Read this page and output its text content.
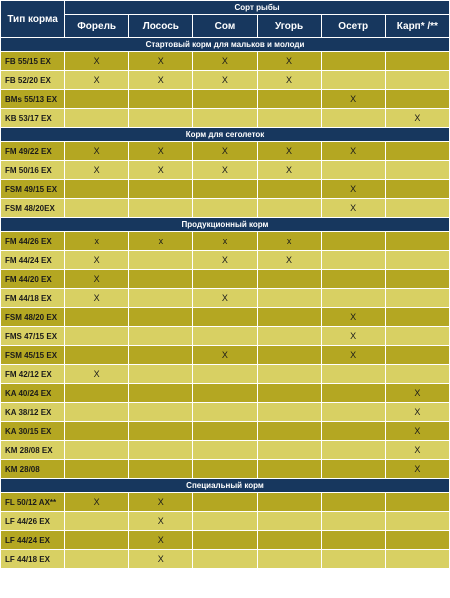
Тип корма	Сорт рыбы					
	Форель	Лосось	Сом	Угорь	Осетр	Карп* /**
Стартовый корм для мальков и молоди						
FB 55/15 EX	X	X	X	X		
FB 52/20 EX	X	X	X	X		
BMs 55/13 EX					X	
KB 53/17 EX						X
Корм для сеголеток						
FM 49/22 EX	X	X	X	X	X	
FM 50/16 EX	X	X	X	X		
FSM 49/15 EX					X	
FSM 48/20EX					X	
Продукционный корм						
FM 44/26 EX	x	x	x	x		
FM 44/24 EX	X		X	X		
FM 44/20 EX	X					
FM 44/18 EX	X		X			
FSM 48/20 EX					X	
FMS 47/15 EX					X	
FSM 45/15 EX			X		X	
FM 42/12 EX	X					
KA 40/24 EX						X
KA 38/12 EX						X
KA 30/15 EX						X
KM 28/08 EX						X
KM 28/08						X
Специальный корм						
FL 50/12 AX**	X	X				
LF 44/26 EX		X				
LF 44/24 EX		X				
LF 44/18 EX		X				
